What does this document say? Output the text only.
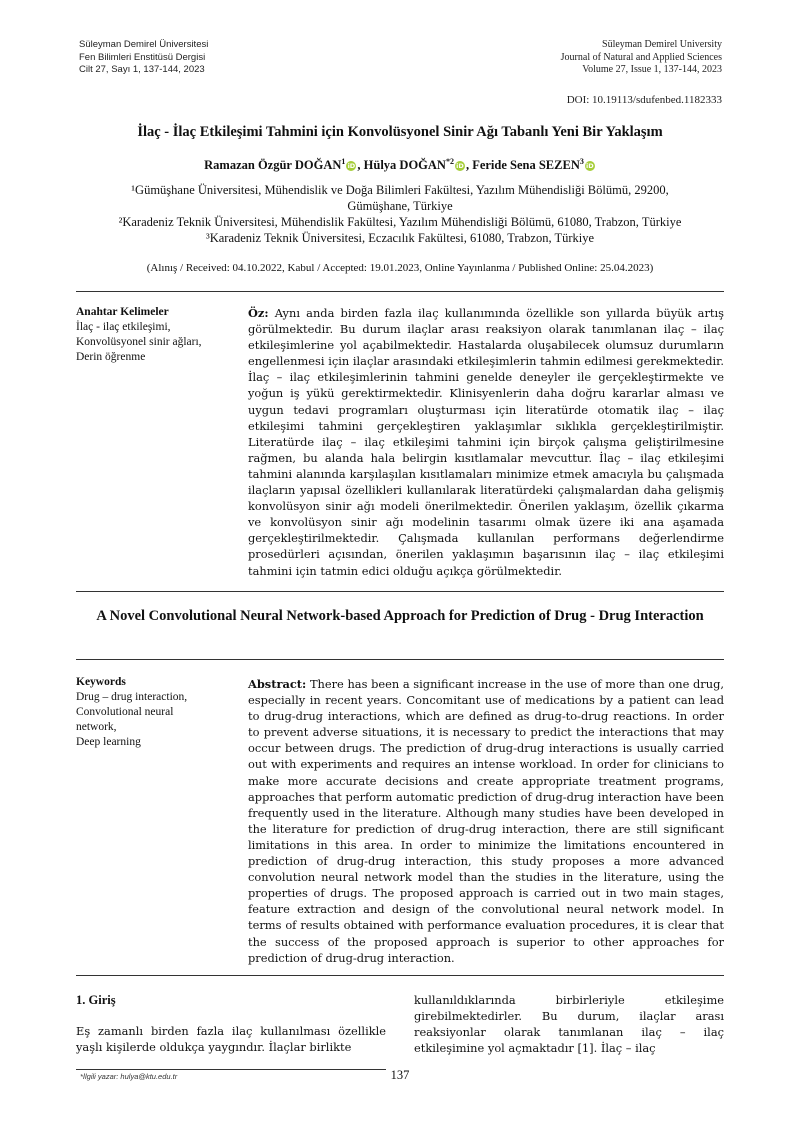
Süleyman Demirel Üniversitesi
Fen Bilimleri Enstitüsü Dergisi
Cilt 27, Sayı 1, 137-144, 2023
Süleyman Demirel University
Journal of Natural and Applied Sciences
Volume 27, Issue 1, 137-144, 2023
DOI: 10.19113/sdufenbed.1182333
İlaç - İlaç Etkileşimi Tahmini için Konvolüsyonel Sinir Ağı Tabanlı Yeni Bir Yaklaşım
Ramazan Özgür DOĞAN$^1$iD , Hülya DOĞAN$^{*2}$iD , Feride Sena SEZEN$^3$iD
¹Gümüşhane Üniversitesi, Mühendislik ve Doğa Bilimleri Fakültesi, Yazılım Mühendisliği Bölümü, 29200,
Gümüşhane, Türkiye
²Karadeniz Teknik Üniversitesi, Mühendislik Fakültesi, Yazılım Mühendisliği Bölümü, 61080, Trabzon, Türkiye
³Karadeniz Teknik Üniversitesi, Eczacılık Fakültesi, 61080, Trabzon, Türkiye
(Alınış / Received: 04.10.2022, Kabul / Accepted: 19.01.2023, Online Yayınlanma / Published Online: 25.04.2023)
Anahtar Kelimeler
İlaç - ilaç etkileşimi,
Konvolüsyonel sinir ağları,
Derin öğrenme
Öz: Aynı anda birden fazla ilaç kullanımında özellikle son yıllarda büyük artış görülmektedir. Bu durum ilaçlar arası reaksiyon olarak tanımlanan ilaç – ilaç etkileşimlerine yol açabilmektedir. Hastalarda oluşabilecek olumsuz durumların engellenmesi için ilaçlar arasındaki etkileşimlerin tahmin edilmesi gerekmektedir. İlaç – ilaç etkileşimlerinin tahmini genelde deneyler ile gerçekleştirmekte ve yoğun iş yükü gerektirmektedir. Klinisyenlerin daha doğru kararlar alması ve uygun tedavi programları oluşturması için literatürde otomatik ilaç – ilaç etkileşimi tahmini gerçekleştiren yaklaşımlar sıklıkla gerçekleştirilmiştir. Literatürde ilaç – ilaç etkileşimi tahmini için birçok çalışma geliştirilmesine rağmen, bu alanda hala belirgin kısıtlamalar mevcuttur. İlaç – ilaç etkileşimi tahmini alanında karşılaşılan kısıtlamaları minimize etmek amacıyla bu çalışmada ilaçların yapısal özellikleri kullanılarak literatürdeki çalışmalardan daha gelişmiş konvolüsyon sinir ağı modeli önerilmektedir. Önerilen yaklaşım, özellik çıkarma ve konvolüsyon sinir ağı modelinin tasarımı olmak üzere iki ana aşamada gerçekleştirilmektedir. Çalışmada kullanılan performans değerlendirme prosedürleri açısından, önerilen yaklaşımın başarısının ilaç – ilaç etkileşimi tahmini için tatmin edici olduğu açıkça görülmektedir.
A Novel Convolutional Neural Network-based Approach for Prediction of Drug - Drug Interaction
Keywords
Drug – drug interaction,
Convolutional neural
network,
Deep learning
Abstract: There has been a significant increase in the use of more than one drug, especially in recent years. Concomitant use of medications by a patient can lead to drug-drug interactions, which are defined as drug-to-drug reactions. In order to prevent adverse situations, it is necessary to predict the interactions that may occur between drugs. The prediction of drug-drug interactions is usually carried out with experiments and requires an intense workload. In order for clinicians to make more accurate decisions and create appropriate treatment programs, approaches that perform automatic prediction of drug-drug interaction have been frequently used in the literature. Although many studies have been developed in the literature for prediction of drug-drug interaction, there are still significant limitations in this area. In order to minimize the limitations encountered in prediction of drug-drug interaction, this study proposes a more advanced convolution neural network model than the studies in the literature, using the properties of drugs. The proposed approach is carried out in two main stages, feature extraction and design of the convolutional neural network model. In terms of results obtained with performance evaluation procedures, it is clear that the success of the proposed approach is superior to other approaches for prediction of drug-drug interaction.
1. Giriş
Eş zamanlı birden fazla ilaç kullanılması özellikle yaşlı kişilerde oldukça yaygındır. İlaçlar birlikte
kullanıldıklarında birbirleriyle etkileşime girebilmektedirler. Bu durum, ilaçlar arası reaksiyonlar olarak tanımlanan ilaç – ilaç etkileşimine yol açmaktadır [1]. İlaç – ilaç
*İlgili yazar: hulya@ktu.edu.tr	137
